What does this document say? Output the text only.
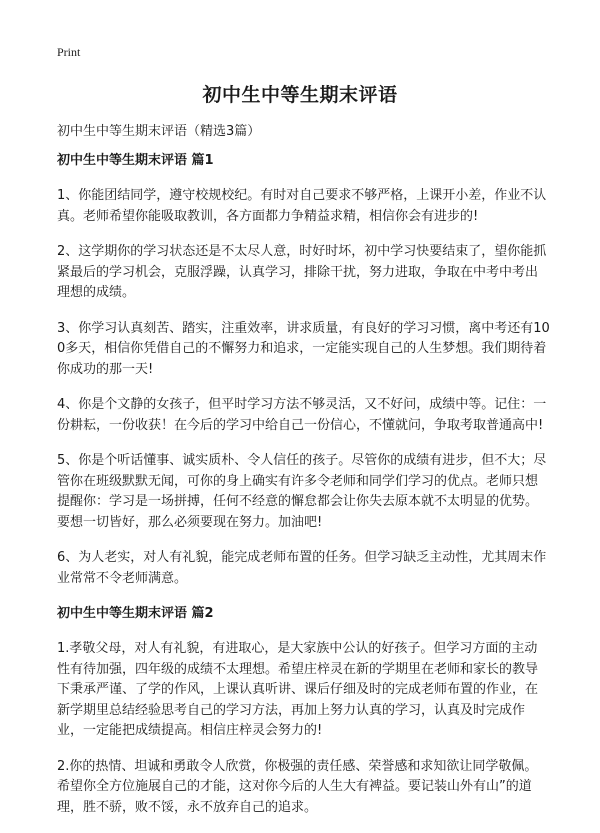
Print
初中生中等生期末评语

初中生中等生期末评语（精选3篇）

初中生中等生期末评语 篇1

1、你能团结同学，遵守校规校纪。有时对自己要求不够严格，上课开小差，作业不认真。老师希望你能吸取教训，各方面都力争精益求精，相信你会有进步的!

2、这学期你的学习状态还是不太尽人意，时好时坏，初中学习快要结束了，望你能抓紧最后的学习机会，克服浮躁，认真学习，排除干扰，努力进取，争取在中考中考出理想的成绩。

3、你学习认真刻苦、踏实，注重效率，讲求质量，有良好的学习习惯，离中考还有100多天，相信你凭借自己的不懈努力和追求，一定能实现自己的人生梦想。我们期待着你成功的那一天!

4、你是个文静的女孩子，但平时学习方法不够灵活，又不好问，成绩中等。记住：一份耕耘，一份收获！在今后的学习中给自己一份信心，不懂就问，争取考取普通高中!

5、你是个听话懂事、诚实质朴、令人信任的孩子。尽管你的成绩有进步，但不大；尽管你在班级默默无闻，可你的身上确实有许多令老师和同学们学习的优点。老师只想提醒你：学习是一场拼搏，任何不经意的懈怠都会让你失去原本就不太明显的优势。要想一切皆好，那么必须要现在努力。加油吧!

6、为人老实，对人有礼貌，能完成老师布置的任务。但学习缺乏主动性，尤其周末作业常常不令老师满意。

初中生中等生期末评语 篇2

1.孝敬父母，对人有礼貌，有进取心，是大家族中公认的好孩子。但学习方面的主动性有待加强，四年级的成绩不太理想。希望庄梓灵在新的学期里在老师和家长的教导下秉承严谨、了学的作风，上课认真听讲、课后仔细及时的完成老师布置的作业，在新学期里总结经验思考自己的学习方法，再加上努力认真的学习，认真及时完成作业，一定能把成绩提高。相信庄梓灵会努力的!

2.你的热情、坦诚和勇敢令人欣赏，你极强的责任感、荣誉感和求知欲让同学敬佩。希望你全方位施展自己的才能，这对你今后的人生大有裨益。要记装山外有山”的道理，胜不骄，败不馁，永不放弃自己的追求。
